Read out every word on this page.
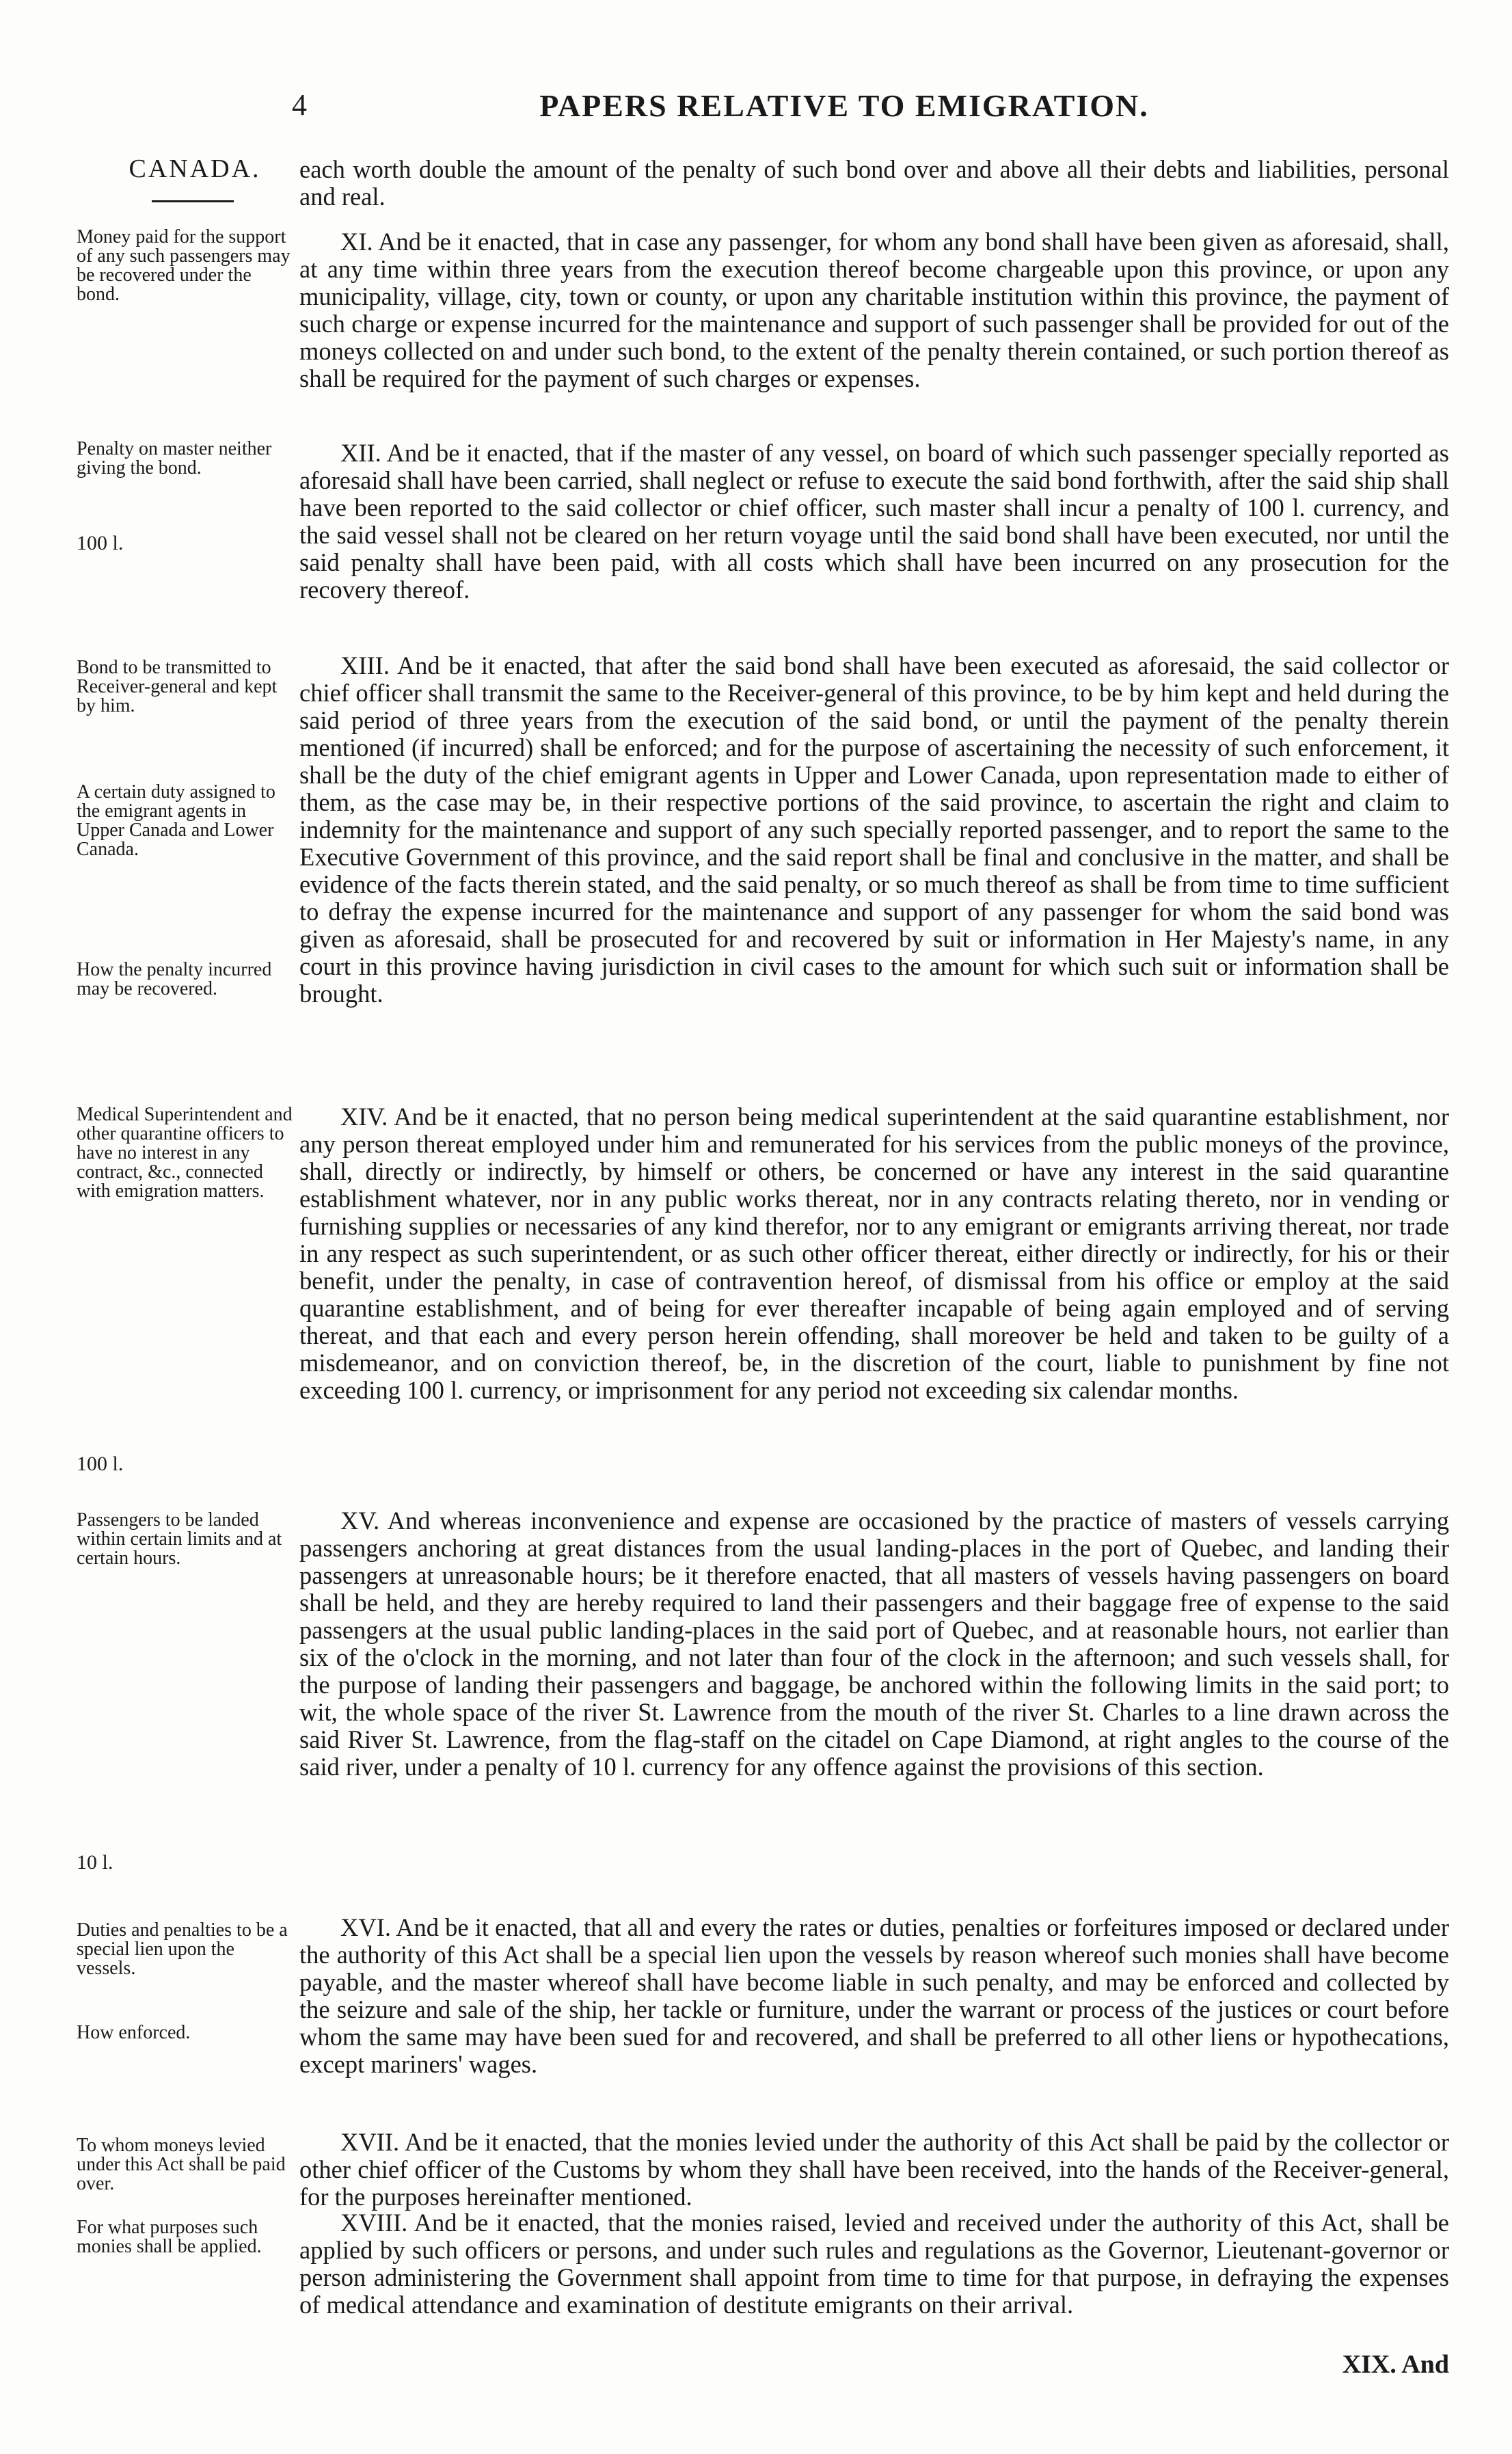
4	PAPERS RELATIVE TO EMIGRATION.
CANADA.
Money paid for the support of any such passengers may be recovered under the bond.
Penalty on master neither giving the bond.
100 l.
Bond to be transmitted to Receiver-general and kept by him.
A certain duty assigned to the emigrant agents in Upper Canada and Lower Canada.
How the penalty incurred may be recovered.
Medical Superintendent and other quarantine officers to have no interest in any contract, &c., connected with emigration matters.
100 l.
Passengers to be landed within certain limits and at certain hours.
10 l.
Duties and penalties to be a special lien upon the vessels.
How enforced.
To whom moneys levied under this Act shall be paid over.
For what purposes such monies shall be applied.

each worth double the amount of the penalty of such bond over and above all their debts and liabilities, personal and real.

XI. And be it enacted, that in case any passenger, for whom any bond shall have been given as aforesaid, shall, at any time within three years from the execution thereof become chargeable upon this province, or upon any municipality, village, city, town or county, or upon any charitable institution within this province, the payment of such charge or expense incurred for the maintenance and support of such passenger shall be provided for out of the moneys collected on and under such bond, to the extent of the penalty therein contained, or such portion thereof as shall be required for the payment of such charges or expenses.

XII. And be it enacted, that if the master of any vessel, on board of which such passenger specially reported as aforesaid shall have been carried, shall neglect or refuse to execute the said bond forthwith, after the said ship shall have been reported to the said collector or chief officer, such master shall incur a penalty of 100 l. currency, and the said vessel shall not be cleared on her return voyage until the said bond shall have been executed, nor until the said penalty shall have been paid, with all costs which shall have been incurred on any prosecution for the recovery thereof.

XIII. And be it enacted, that after the said bond shall have been executed as aforesaid, the said collector or chief officer shall transmit the same to the Receiver-general of this province, to be by him kept and held during the said period of three years from the execution of the said bond, or until the payment of the penalty therein mentioned (if incurred) shall be enforced; and for the purpose of ascertaining the necessity of such enforcement, it shall be the duty of the chief emigrant agents in Upper and Lower Canada, upon representation made to either of them, as the case may be, in their respective portions of the said province, to ascertain the right and claim to indemnity for the maintenance and support of any such specially reported passenger, and to report the same to the Executive Government of this province, and the said report shall be final and conclusive in the matter, and shall be evidence of the facts therein stated, and the said penalty, or so much thereof as shall be from time to time sufficient to defray the expense incurred for the maintenance and support of any passenger for whom the said bond was given as aforesaid, shall be prosecuted for and recovered by suit or information in Her Majesty's name, in any court in this province having jurisdiction in civil cases to the amount for which such suit or information shall be brought.

XIV. And be it enacted, that no person being medical superintendent at the said quarantine establishment, nor any person thereat employed under him and remunerated for his services from the public moneys of the province, shall, directly or indirectly, by himself or others, be concerned or have any interest in the said quarantine establishment whatever, nor in any public works thereat, nor in any contracts relating thereto, nor in vending or furnishing supplies or necessaries of any kind therefor, nor to any emigrant or emigrants arriving thereat, nor trade in any respect as such superintendent, or as such other officer thereat, either directly or indirectly, for his or their benefit, under the penalty, in case of contravention hereof, of dismissal from his office or employ at the said quarantine establishment, and of being for ever thereafter incapable of being again employed and of serving thereat, and that each and every person herein offending, shall moreover be held and taken to be guilty of a misdemeanor, and on conviction thereof, be, in the discretion of the court, liable to punishment by fine not exceeding 100 l. currency, or imprisonment for any period not exceeding six calendar months.

XV. And whereas inconvenience and expense are occasioned by the practice of masters of vessels carrying passengers anchoring at great distances from the usual landing-places in the port of Quebec, and landing their passengers at unreasonable hours; be it therefore enacted, that all masters of vessels having passengers on board shall be held, and they are hereby required to land their passengers and their baggage free of expense to the said passengers at the usual public landing-places in the said port of Quebec, and at reasonable hours, not earlier than six of the o'clock in the morning, and not later than four of the clock in the afternoon; and such vessels shall, for the purpose of landing their passengers and baggage, be anchored within the following limits in the said port; to wit, the whole space of the river St. Lawrence from the mouth of the river St. Charles to a line drawn across the said River St. Lawrence, from the flag-staff on the citadel on Cape Diamond, at right angles to the course of the said river, under a penalty of 10 l. currency for any offence against the provisions of this section.

XVI. And be it enacted, that all and every the rates or duties, penalties or forfeitures imposed or declared under the authority of this Act shall be a special lien upon the vessels by reason whereof such monies shall have become payable, and the master whereof shall have become liable in such penalty, and may be enforced and collected by the seizure and sale of the ship, her tackle or furniture, under the warrant or process of the justices or court before whom the same may have been sued for and recovered, and shall be preferred to all other liens or hypothecations, except mariners' wages.

XVII. And be it enacted, that the monies levied under the authority of this Act shall be paid by the collector or other chief officer of the Customs by whom they shall have been received, into the hands of the Receiver-general, for the purposes hereinafter mentioned.

XVIII. And be it enacted, that the monies raised, levied and received under the authority of this Act, shall be applied by such officers or persons, and under such rules and regulations as the Governor, Lieutenant-governor or person administering the Government shall appoint from time to time for that purpose, in defraying the expenses of medical attendance and examination of destitute emigrants on their arrival.

XIX. And
